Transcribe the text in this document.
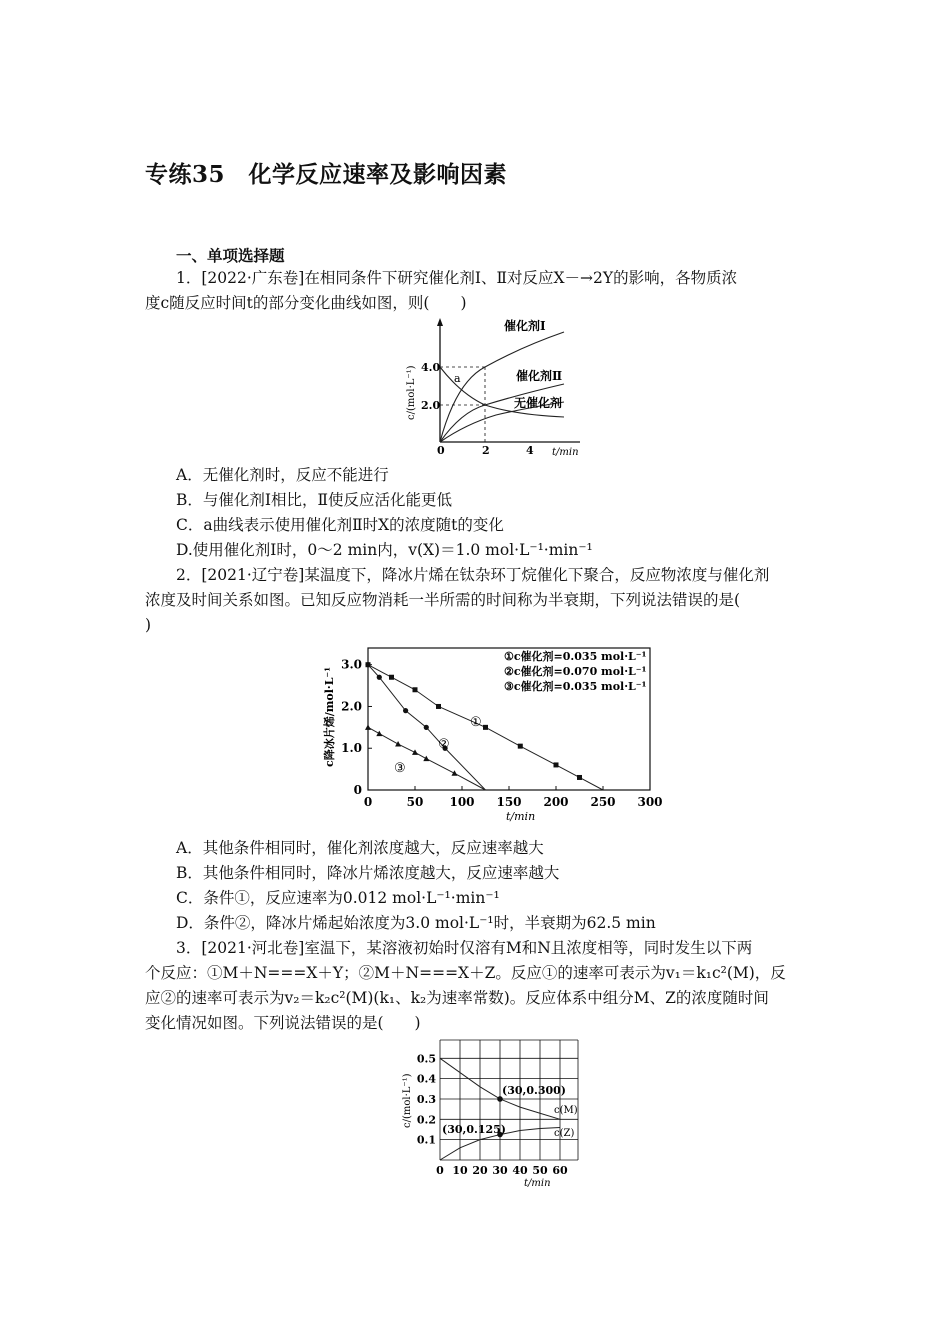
专练35　化学反应速率及影响因素
一、单项选择题
1．[2022·广东卷]在相同条件下研究催化剂Ⅰ、Ⅱ对反应X－→2Y的影响，各物质浓
度c随反应时间t的部分变化曲线如图，则(　　)
催化剂Ⅰ
催化剂Ⅱ
无催化剂
a
4.0
2.0
0	2	4 t/min
c/(mol·L⁻¹)
A．无催化剂时，反应不能进行
B．与催化剂Ⅰ相比，Ⅱ使反应活化能更低
C．a曲线表示使用催化剂Ⅱ时X的浓度随t的变化
D.使用催化剂Ⅰ时，0～2 min内，v(X)＝1.0 mol·L⁻¹·min⁻¹
2．[2021·辽宁卷]某温度下，降冰片烯在钛杂环丁烷催化下聚合，反应物浓度与催化剂
浓度及时间关系如图。已知反应物消耗一半所需的时间称为半衰期，下列说法错误的是(
)
0	50 100 150 200 250 300
0
1.0
2.0
3.0
c降冰片烯/mol·L⁻¹
t/min
①c催化剂=0.035 mol·L⁻¹
②c催化剂=0.070 mol·L⁻¹
③c催化剂=0.035 mol·L⁻¹
①
②
③
A．其他条件相同时，催化剂浓度越大，反应速率越大
B．其他条件相同时，降冰片烯浓度越大，反应速率越大
C．条件①，反应速率为0.012 mol·L⁻¹·min⁻¹
D．条件②，降冰片烯起始浓度为3.0 mol·L⁻¹时，半衰期为62.5 min
3．[2021·河北卷]室温下，某溶液初始时仅溶有M和N且浓度相等，同时发生以下两
个反应：①M＋N===X＋Y；②M＋N===X＋Z。反应①的速率可表示为v₁＝k₁c²(M)，反
应②的速率可表示为v₂＝k₂c²(M)(k₁、k₂为速率常数)。反应体系中组分M、Z的浓度随时间
变化情况如图。下列说法错误的是(　　)
0 10 20 30 40 50 60
0.1
0.2
0.3
0.4
0.5
c/(mol·L⁻¹)
t/min
(30,0.300)
(30,0.125)
c(M)
c(Z)
